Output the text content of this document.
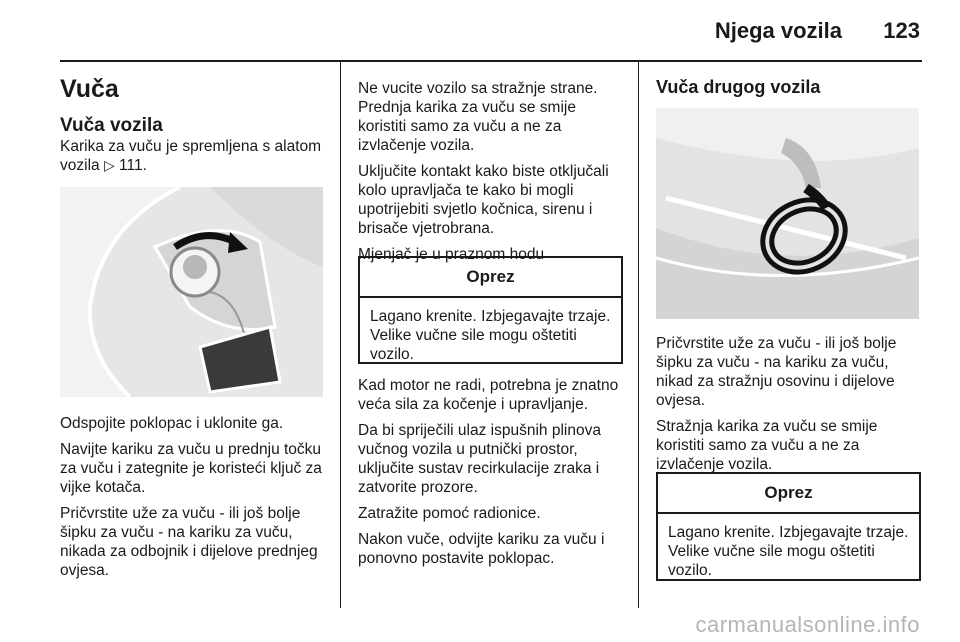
Njega vozila 123
Vuča
Vuča vozila

Karika za vuču je spremljena s alatom vozila ▷ 111.

Odspojite poklopac i uklonite ga.

Navijte kariku za vuču u prednju točku za vuču i zategnite je koristeći ključ za vijke kotača.

Pričvrstite uže za vuču - ili još bolje šipku za vuču - na kariku za vuču, nikada za odbojnik i dijelove prednjeg ovjesa.

Ne vucite vozilo sa stražnje strane. Prednja karika za vuču se smije koristiti samo za vuču a ne za izvlačenje vozila.

Uključite kontakt kako biste otključali kolo upravljača te kako bi mogli upotrijebiti svjetlo kočnica, sirenu i brisače vjetrobrana.

Mjenjač je u praznom hodu

Oprez
Lagano krenite. Izbjegavajte trzaje. Velike vučne sile mogu oštetiti vozilo.

Kad motor ne radi, potrebna je znatno veća sila za kočenje i upravljanje.

Da bi spriječili ulaz ispušnih plinova vučnog vozila u putnički prostor, uključite sustav recirkulacije zraka i zatvorite prozore.

Zatražite pomoć radionice.

Nakon vuče, odvijte kariku za vuču i ponovno postavite poklopac.

Vuča drugog vozila

Pričvrstite uže za vuču - ili još bolje šipku za vuču - na kariku za vuču, nikad za stražnju osovinu i dijelove ovjesa.

Stražnja karika za vuču se smije koristiti samo za vuču a ne za izvlačenje vozila.

Oprez
Lagano krenite. Izbjegavajte trzaje. Velike vučne sile mogu oštetiti vozilo.
carmanualsonline.info
